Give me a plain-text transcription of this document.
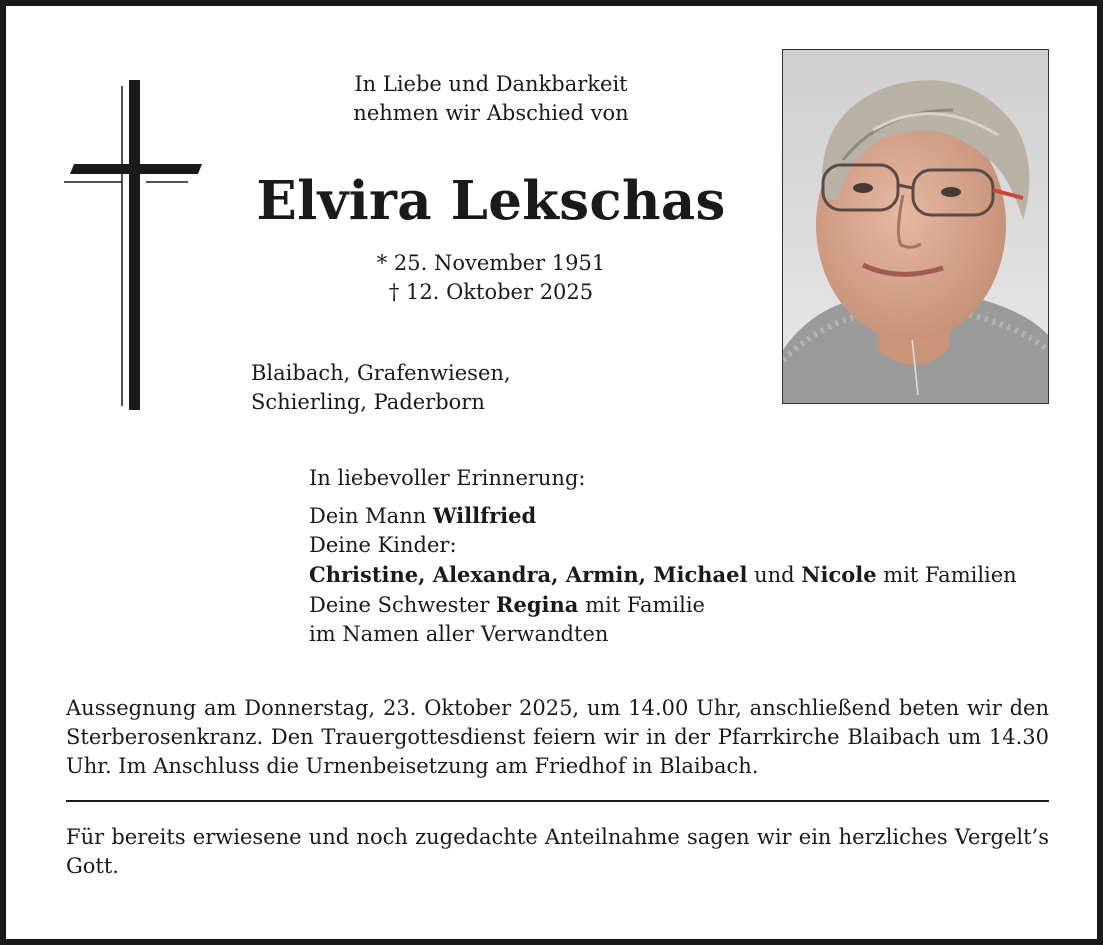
In Liebe und Dankbarkeit
nehmen wir Abschied von
Elvira Lekschas
* 25. November 1951
† 12. Oktober 2025
Blaibach, Grafenwiesen,
Schierling, Paderborn
In liebevoller Erinnerung:
Dein Mann Willfried
Deine Kinder:
Christine, Alexandra, Armin, Michael und Nicole mit Familien
Deine Schwester Regina mit Familie
im Namen aller Verwandten
Aussegnung am Donnerstag, 23. Oktober 2025, um 14.00 Uhr, anschließend beten wir den Sterberosenkranz. Den Trauergottesdienst feiern wir in der Pfarrkirche Blaibach um 14.30 Uhr. Im Anschluss die Urnenbeisetzung am Friedhof in Blaibach.
Für bereits erwiesene und noch zugedachte Anteilnahme sagen wir ein herzliches Vergelt’s Gott.
